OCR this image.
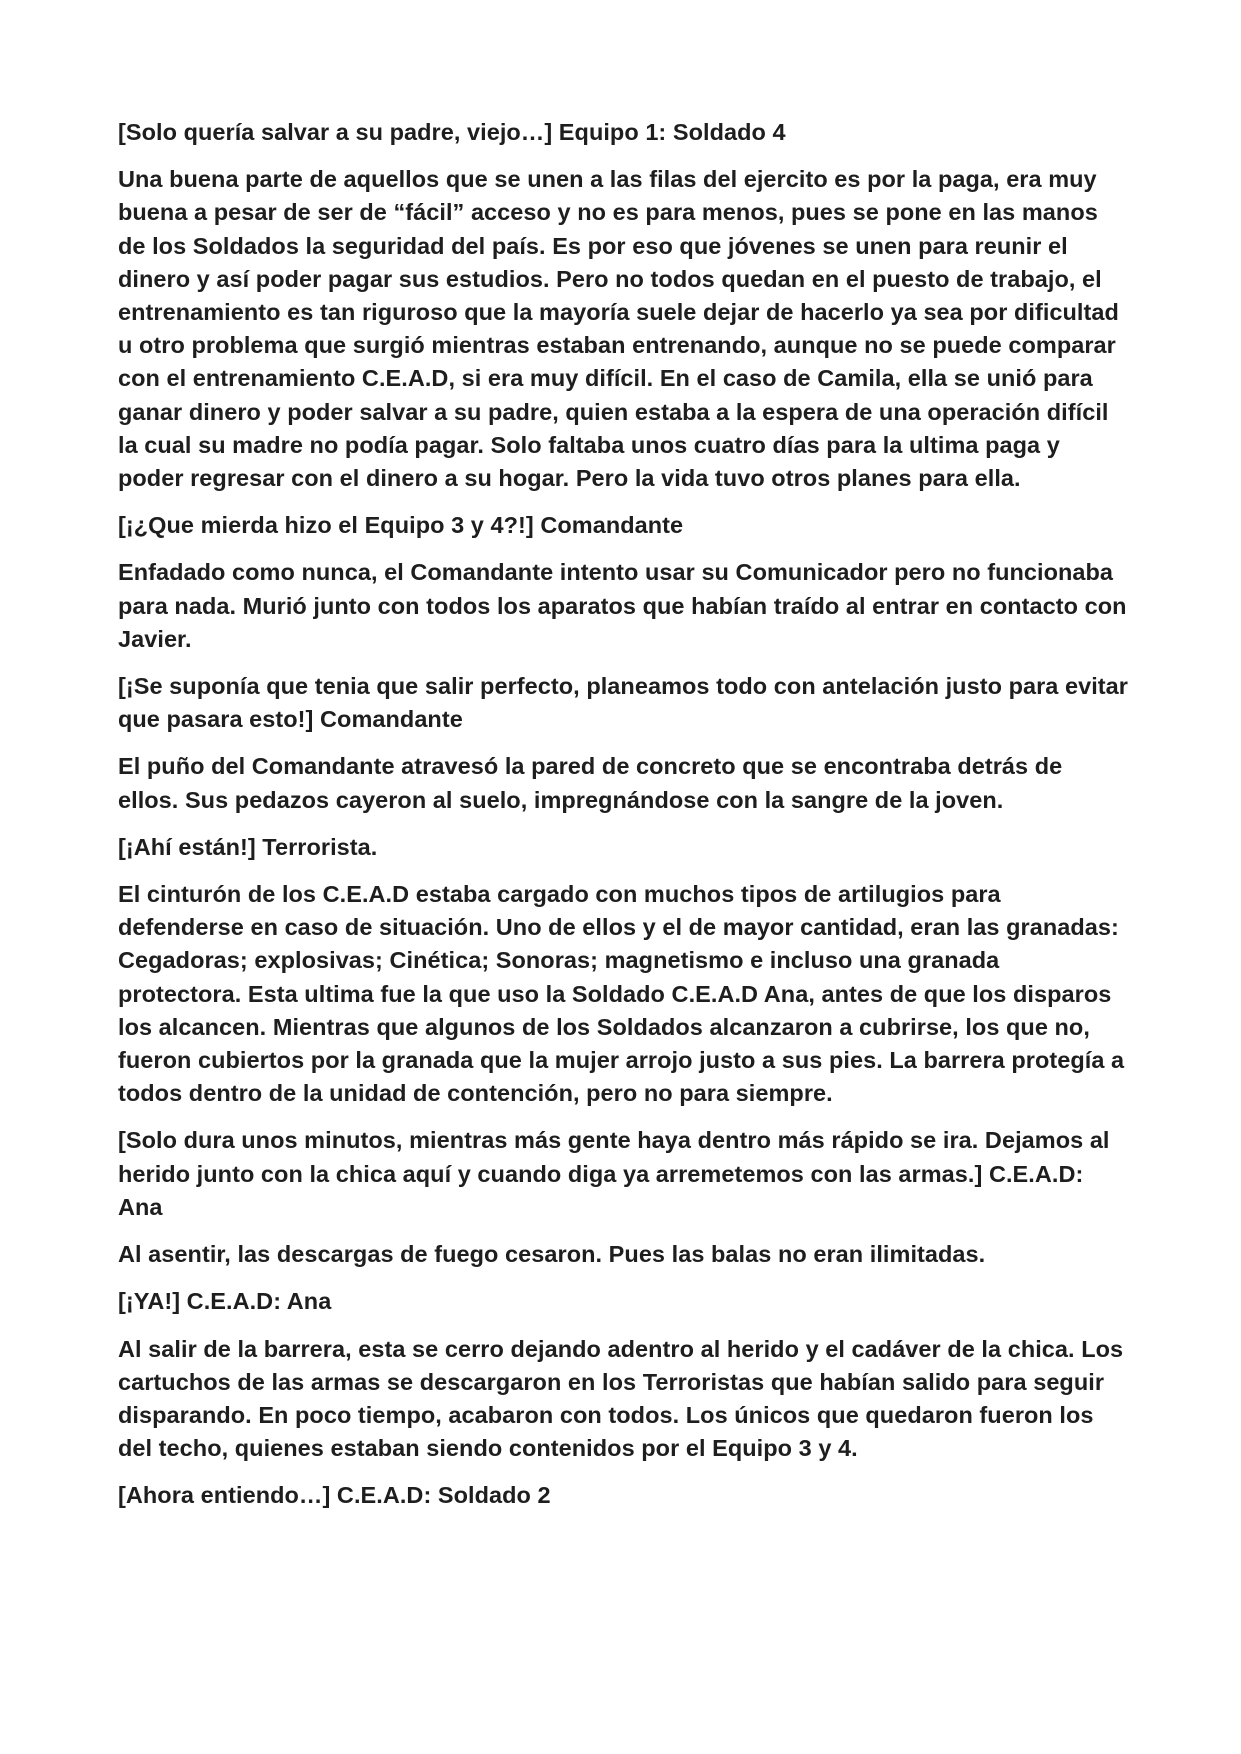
[Solo quería salvar a su padre, viejo…] Equipo 1: Soldado 4

Una buena parte de aquellos que se unen a las filas del ejercito es por la paga, era muy buena a pesar de ser de “fácil” acceso y no es para menos, pues se pone en las manos de los Soldados la seguridad del país. Es por eso que jóvenes se unen para reunir el dinero y así poder pagar sus estudios. Pero no todos quedan en el puesto de trabajo, el entrenamiento es tan riguroso que la mayoría suele dejar de hacerlo ya sea por dificultad u otro problema que surgió mientras estaban entrenando, aunque no se puede comparar con el entrenamiento C.E.A.D, si era muy difícil. En el caso de Camila, ella se unió para ganar dinero y poder salvar a su padre, quien estaba a la espera de una operación difícil la cual su madre no podía pagar. Solo faltaba unos cuatro días para la ultima paga y poder regresar con el dinero a su hogar. Pero la vida tuvo otros planes para ella.

[¡¿Que mierda hizo el Equipo 3 y 4?!] Comandante

Enfadado como nunca, el Comandante intento usar su Comunicador pero no funcionaba para nada. Murió junto con todos los aparatos que habían traído al entrar en contacto con Javier.

[¡Se suponía que tenia que salir perfecto, planeamos todo con antelación justo para evitar que pasara esto!] Comandante

El puño del Comandante atravesó la pared de concreto que se encontraba detrás de ellos. Sus pedazos cayeron al suelo, impregnándose con la sangre de la joven.

[¡Ahí están!] Terrorista.

El cinturón de los C.E.A.D estaba cargado con muchos tipos de artilugios para defenderse en caso de situación. Uno de ellos y el de mayor cantidad, eran las granadas: Cegadoras; explosivas; Cinética; Sonoras; magnetismo e incluso una granada protectora. Esta ultima fue la que uso la Soldado C.E.A.D Ana, antes de que los disparos los alcancen. Mientras que algunos de los Soldados alcanzaron a cubrirse, los que no, fueron cubiertos por la granada que la mujer arrojo justo a sus pies. La barrera protegía a todos dentro de la unidad de contención, pero no para siempre.

[Solo dura unos minutos, mientras más gente haya dentro más rápido se ira. Dejamos al herido junto con la chica aquí y cuando diga ya arremetemos con las armas.] C.E.A.D: Ana

Al asentir, las descargas de fuego cesaron. Pues las balas no eran ilimitadas.

[¡YA!] C.E.A.D: Ana

Al salir de la barrera, esta se cerro dejando adentro al herido y el cadáver de la chica. Los cartuchos de las armas se descargaron en los Terroristas que habían salido para seguir disparando. En poco tiempo, acabaron con todos. Los únicos que quedaron fueron los del techo, quienes estaban siendo contenidos por el Equipo 3 y 4.

[Ahora entiendo…] C.E.A.D: Soldado 2
